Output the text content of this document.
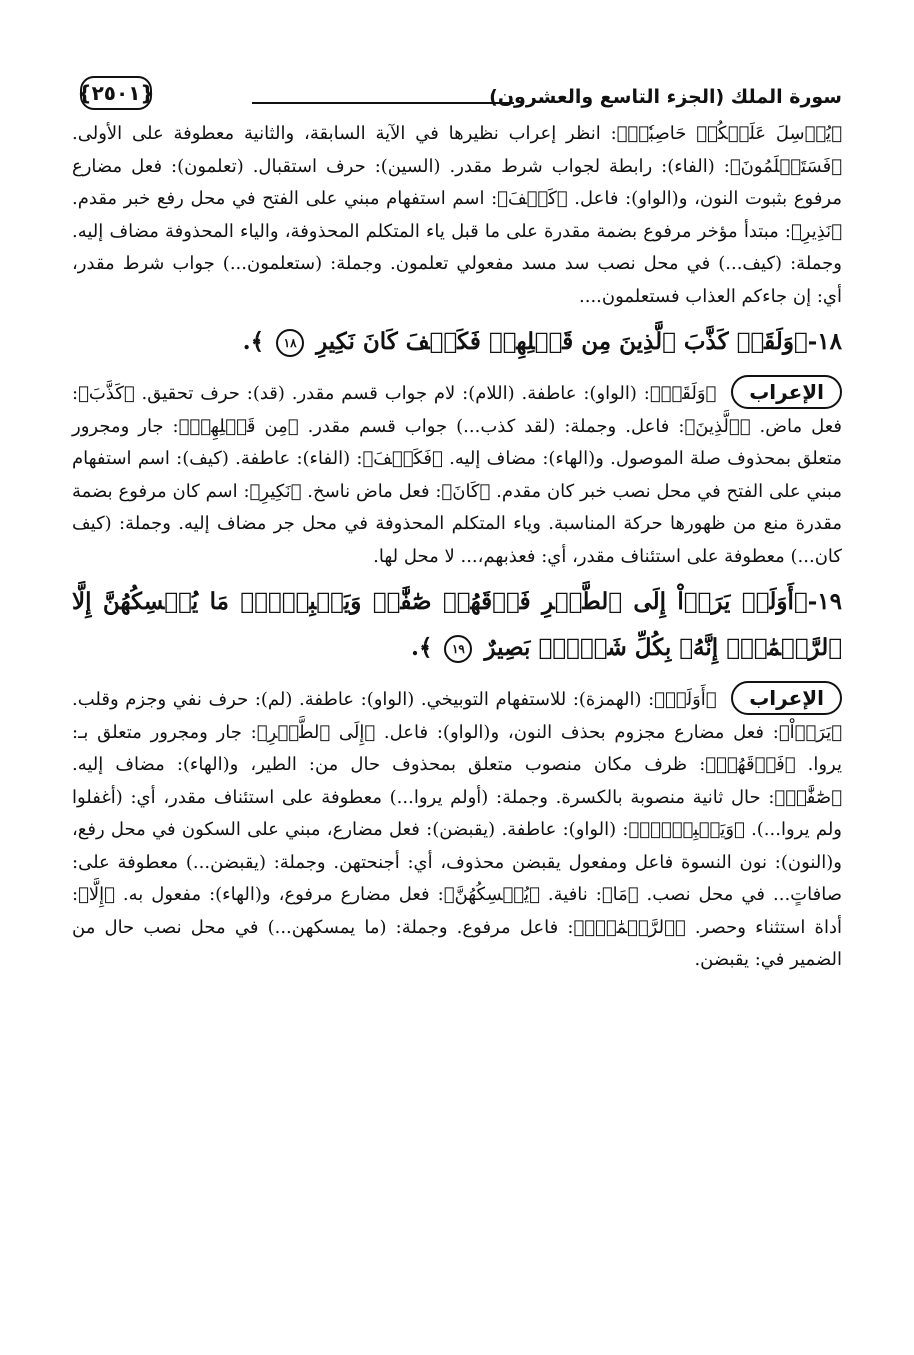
سورة الملك (الجزء التاسع والعشرون)
{٢٥٠١}

﴿يُرۡسِلَ عَلَيۡكُمۡ حَاصِبٗاۖ﴾: انظر إعراب نظيرها في الآية السابقة، والثانية معطوفة على الأولى. ﴿فَسَتَعۡلَمُونَ﴾: (الفاء): رابطة لجواب شرط مقدر. (السين): حرف استقبال. (تعلمون): فعل مضارع مرفوع بثبوت النون، و(الواو): فاعل. ﴿كَيۡفَ﴾: اسم استفهام مبني على الفتح في محل رفع خبر مقدم. ﴿نَذِيرِ﴾: مبتدأ مؤخر مرفوع بضمة مقدرة على ما قبل ياء المتكلم المحذوفة، والياء المحذوفة مضاف إليه. وجملة: (كيف...) في محل نصب سد مسد مفعولي تعلمون. وجملة: (ستعلمون...) جواب شرط مقدر، أي: إن جاءكم العذاب فستعلمون....

١٨-﴿وَلَقَدۡ كَذَّبَ ٱلَّذِينَ مِن قَبۡلِهِمۡ فَكَيۡفَ كَانَ نَكِيرِ ١٨ ﴾.

الإعراب ﴿وَلَقَدۡ﴾: (الواو): عاطفة. (اللام): لام جواب قسم مقدر. (قد): حرف تحقيق. ﴿كَذَّبَ﴾: فعل ماض. ﴿ٱلَّذِينَ﴾: فاعل. وجملة: (لقد كذب...) جواب قسم مقدر. ﴿مِن قَبۡلِهِمۡ﴾: جار ومجرور متعلق بمحذوف صلة الموصول. و(الهاء): مضاف إليه. ﴿فَكَيۡفَ﴾: (الفاء): عاطفة. (كيف): اسم استفهام مبني على الفتح في محل نصب خبر كان مقدم. ﴿كَانَ﴾: فعل ماض ناسخ. ﴿نَكِيرِ﴾: اسم كان مرفوع بضمة مقدرة منع من ظهورها حركة المناسبة. وياء المتكلم المحذوفة في محل جر مضاف إليه. وجملة: (كيف كان...) معطوفة على استئناف مقدر، أي: فعذبهم،... لا محل لها.

١٩-﴿أَوَلَمۡ يَرَوۡاْ إِلَى ٱلطَّيۡرِ فَوۡقَهُمۡ صَٰٓفَّٰتٖ وَيَقۡبِضۡنَۚ مَا يُمۡسِكُهُنَّ إِلَّا ٱلرَّحۡمَٰنُۚ إِنَّهُۥ بِكُلِّ شَيۡءِۢ بَصِيرٌ ١٩ ﴾.

الإعراب ﴿أَوَلَمۡ﴾: (الهمزة): للاستفهام التوبيخي. (الواو): عاطفة. (لم): حرف نفي وجزم وقلب. ﴿يَرَوۡاْ﴾: فعل مضارع مجزوم بحذف النون، و(الواو): فاعل. ﴿إِلَى ٱلطَّيۡرِ﴾: جار ومجرور متعلق بـ: يروا. ﴿فَوۡقَهُمۡ﴾: ظرف مكان منصوب متعلق بمحذوف حال من: الطير، و(الهاء): مضاف إليه. ﴿صَٰٓفَّٰتٖ﴾: حال ثانية منصوبة بالكسرة. وجملة: (أولم يروا...) معطوفة على استئناف مقدر، أي: (أغفلوا ولم يروا...). ﴿وَيَقۡبِضۡنَۚ﴾: (الواو): عاطفة. (يقبضن): فعل مضارع، مبني على السكون في محل رفع، و(النون): نون النسوة فاعل ومفعول يقبضن محذوف، أي: أجنحتهن. وجملة: (يقبضن...) معطوفة على: صافاتٍ... في محل نصب. ﴿مَا﴾: نافية. ﴿يُمۡسِكُهُنَّ﴾: فعل مضارع مرفوع، و(الهاء): مفعول به. ﴿إِلَّا﴾: أداة استثناء وحصر. ﴿ٱلرَّحۡمَٰنُۚ﴾: فاعل مرفوع. وجملة: (ما يمسكهن...) في محل نصب حال من الضمير في: يقبضن.
